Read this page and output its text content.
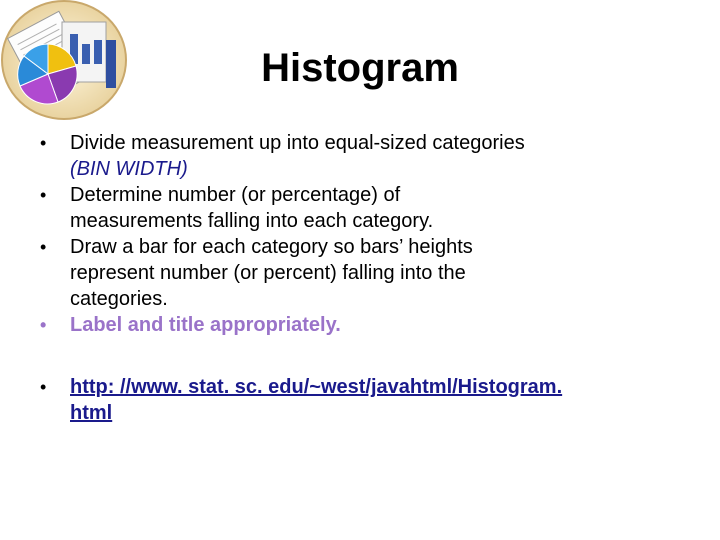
Histogram
• Divide measurement up into equal-sized categories
(BIN WIDTH)
• Determine number (or percentage) of
measurements falling into each category.
• Draw a bar for each category so bars’ heights
represent number (or percent) falling into the
categories.
• Label and title appropriately.
• http: //www. stat. sc. edu/~west/javahtml/Histogram.
html
